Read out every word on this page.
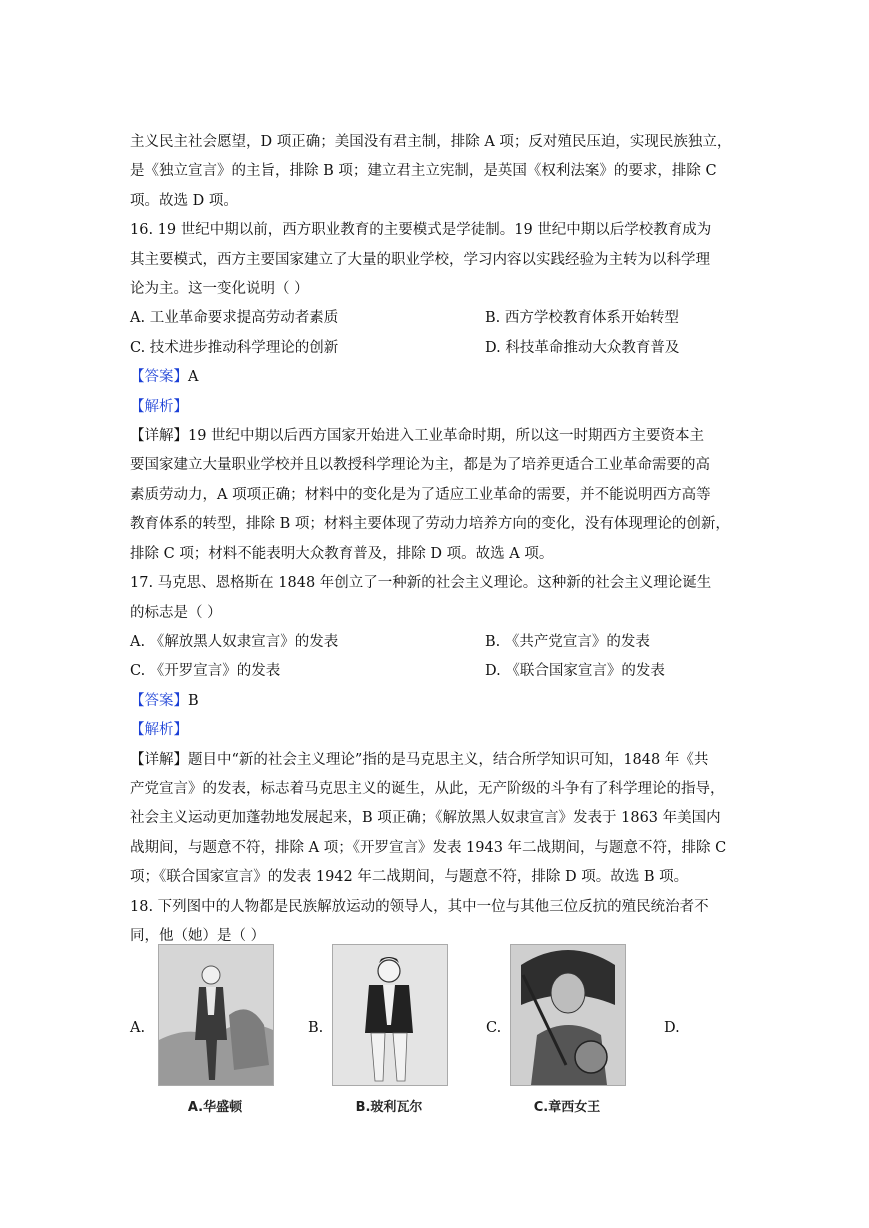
主义民主社会愿望，D 项正确；美国没有君主制，排除 A 项；反对殖民压迫，实现民族独立，
是《独立宣言》的主旨，排除 B 项；建立君主立宪制，是英国《权利法案》的要求，排除 C
项。故选 D 项。

16. 19 世纪中期以前，西方职业教育的主要模式是学徒制。19 世纪中期以后学校教育成为
其主要模式，西方主要国家建立了大量的职业学校，学习内容以实践经验为主转为以科学理
论为主。这一变化说明（ ）

A. 工业革命要求提高劳动者素质	B. 西方学校教育体系开始转型
C. 技术进步推动科学理论的创新	D. 科技革命推动大众教育普及

【答案】A

【解析】

【详解】19 世纪中期以后西方国家开始进入工业革命时期，所以这一时期西方主要资本主
要国家建立大量职业学校并且以教授科学理论为主，都是为了培养更适合工业革命需要的高
素质劳动力，A 项项正确；材料中的变化是为了适应工业革命的需要，并不能说明西方高等
教育体系的转型，排除 B 项；材料主要体现了劳动力培养方向的变化，没有体现理论的创新，
排除 C 项；材料不能表明大众教育普及，排除 D 项。故选 A 项。

17. 马克思、恩格斯在 1848 年创立了一种新的社会主义理论。这种新的社会主义理论诞生
的标志是（ ）

A. 《解放黑人奴隶宣言》的发表	B. 《共产党宣言》的发表
C. 《开罗宣言》的发表	D. 《联合国家宣言》的发表

【答案】B

【解析】

【详解】题目中“新的社会主义理论”指的是马克思主义，结合所学知识可知，1848 年《共
产党宣言》的发表，标志着马克思主义的诞生，从此，无产阶级的斗争有了科学理论的指导，
社会主义运动更加蓬勃地发展起来，B 项正确；《解放黑人奴隶宣言》发表于 1863 年美国内
战期间，与题意不符，排除 A 项；《开罗宣言》发表 1943 年二战期间，与题意不符，排除 C
项；《联合国家宣言》的发表 1942 年二战期间，与题意不符，排除 D 项。故选 B 项。

18. 下列图中的人物都是民族解放运动的领导人，其中一位与其他三位反抗的殖民统治者不
同，他（她）是（ ）

A.
A.华盛顿
B.
B.玻利瓦尔
C.
C.章西女王
D.
